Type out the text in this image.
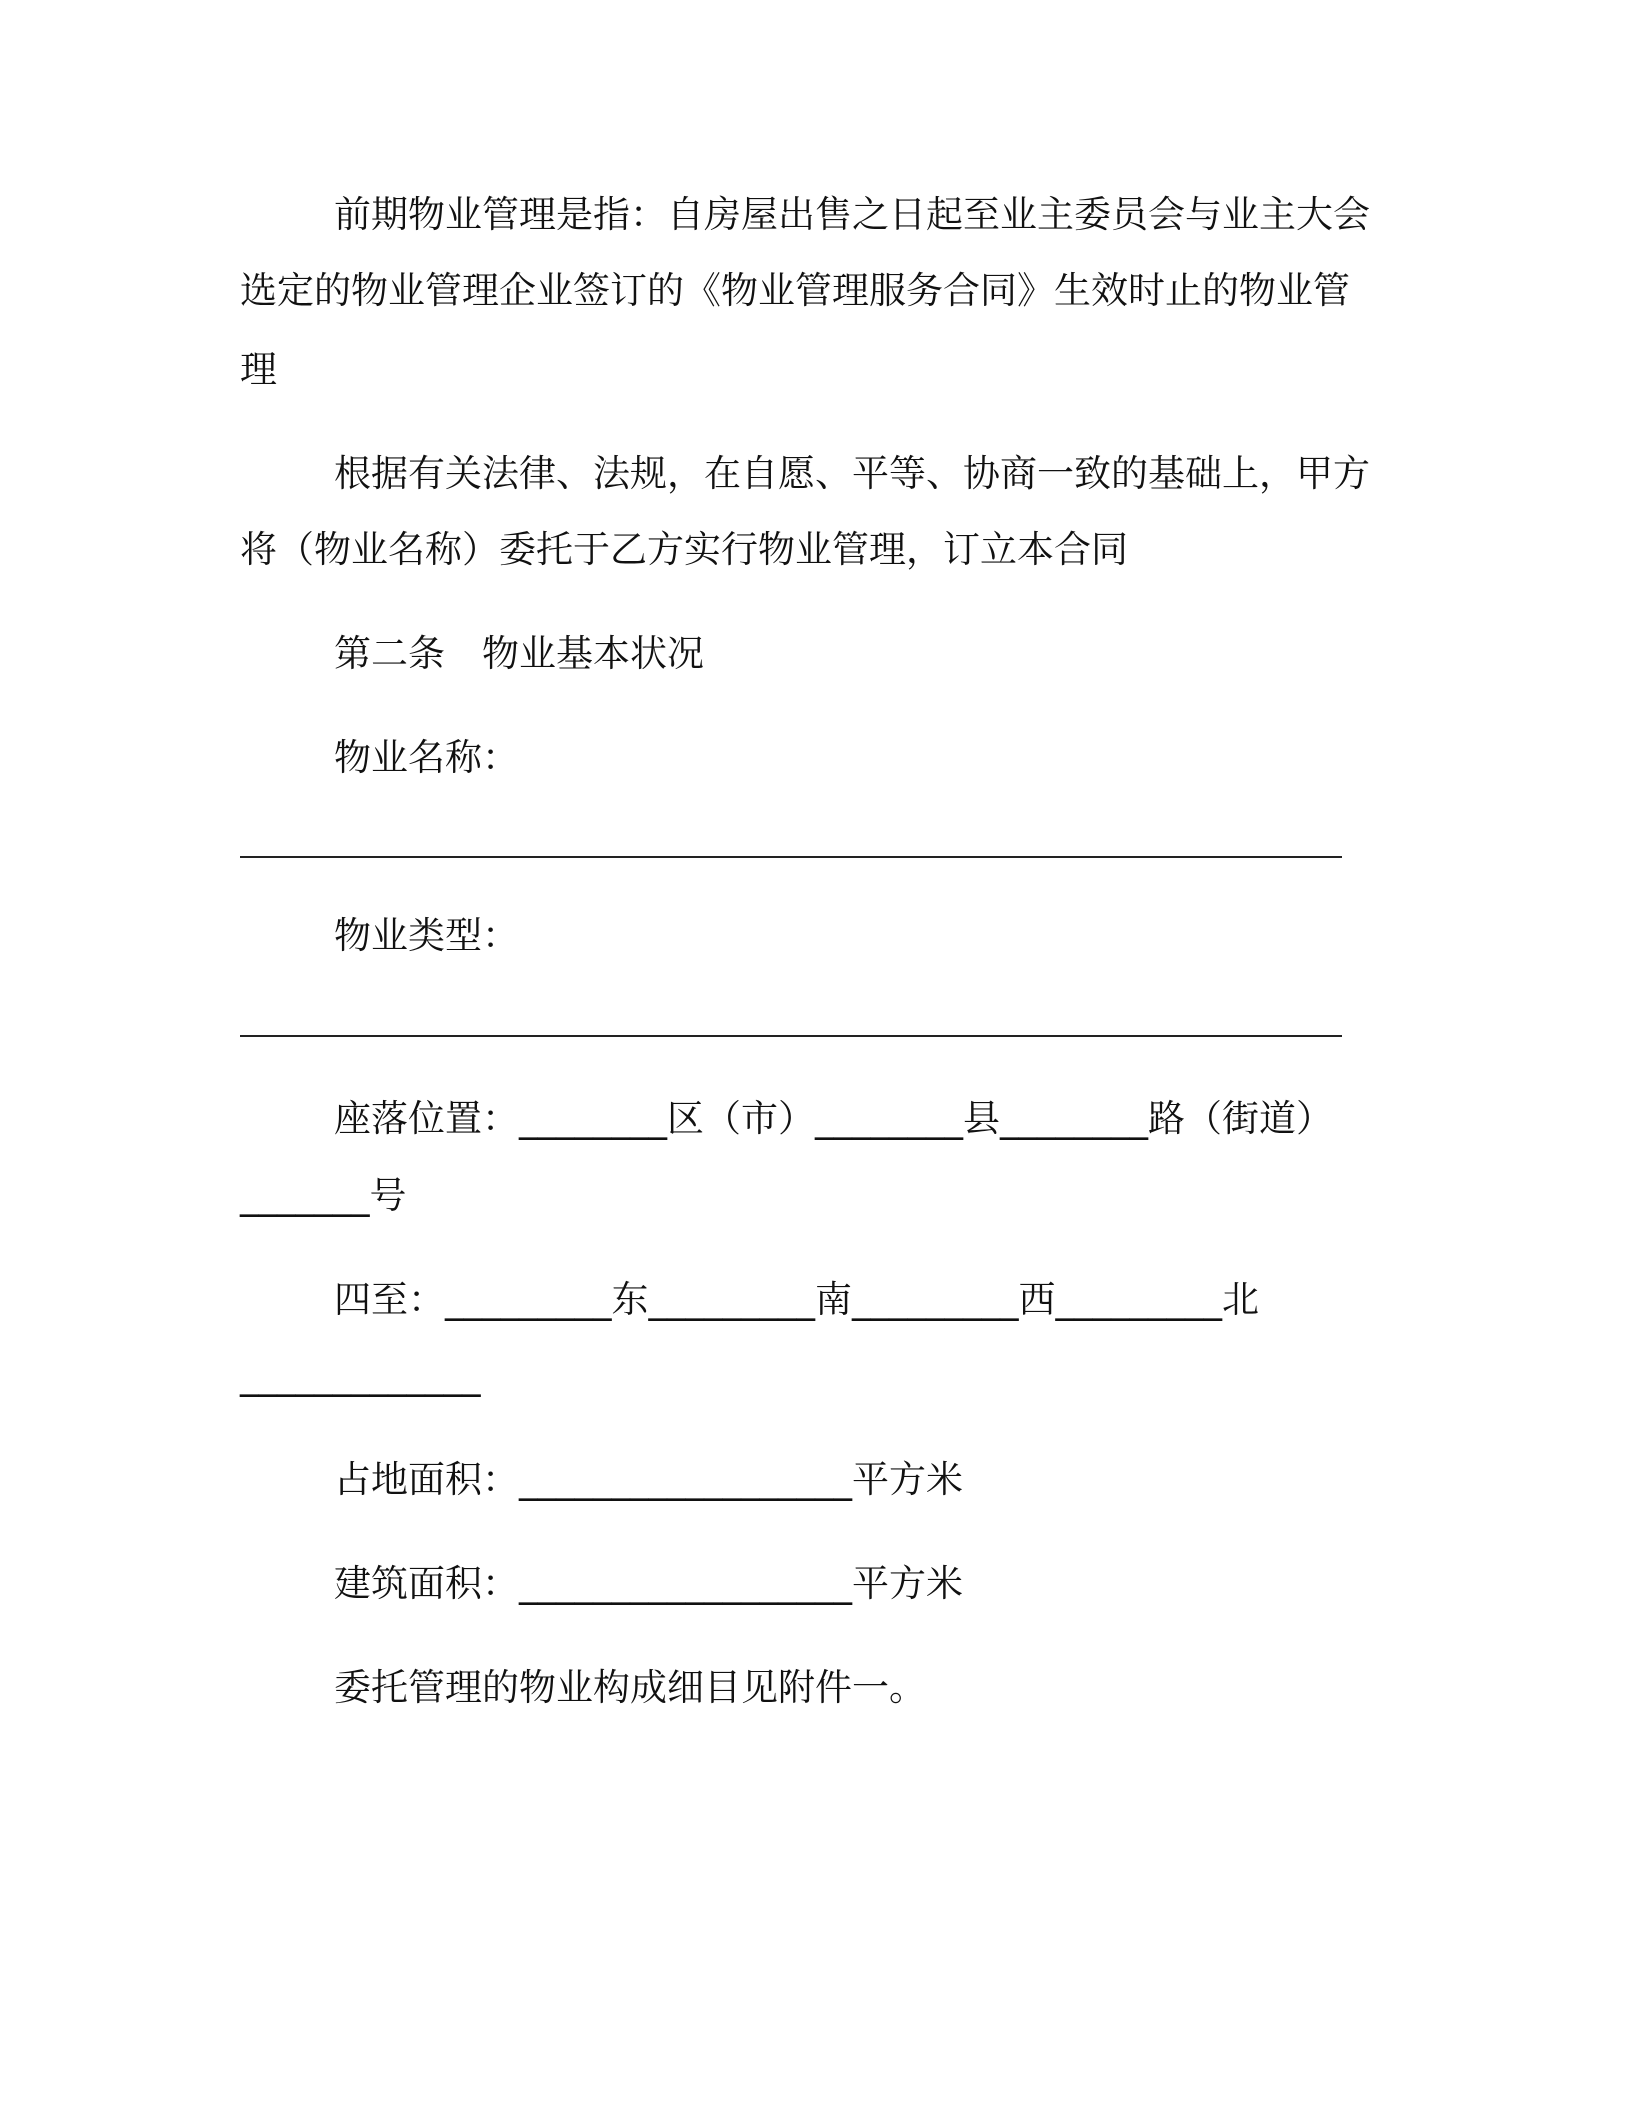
前期物业管理是指：自房屋出售之日起至业主委员会与业主大会
选定的物业管理企业签订的《物业管理服务合同》生效时止的物业管
理
根据有关法律、法规，在自愿、平等、协商一致的基础上，甲方
将（物业名称）委托于乙方实行物业管理，订立本合同
第二条　物业基本状况
物业名称：
物业类型：
座落位置：________区（市）________县________路（街道）
_______号
四至：_________东_________南_________西_________北
_____________
占地面积：__________________平方米
建筑面积：__________________平方米
委托管理的物业构成细目见附件一。
